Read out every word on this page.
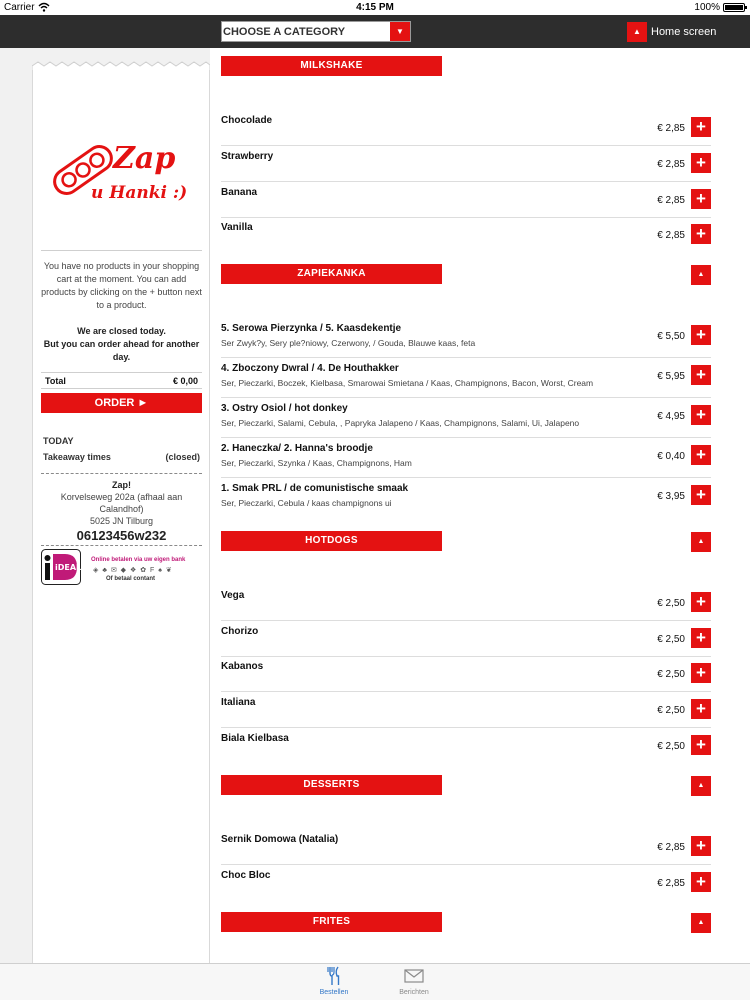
Carrier	4:15 PM	100%
CHOOSE A CATEGORY	▼	▲ Home screen
Zap
u Hanki :)
You have no products in your shopping cart at the moment. You can add products by clicking on the + button next to a product.
We are closed today.
But you can order ahead for another day.
Total	€ 0,00
ORDER ►
TODAY
Takeaway times	(closed)
Zap!
Korvelseweg 202a (afhaal aan Calandhof)
5025 JN Tilburg
06123456w232
iDEAL
Online betalen via uw eigen bank
◈ ♣ ✉ ◆ ❖ ✿ F ♠ ❦
Of betaal contant
MILKSHAKE
Chocolade
€ 2,85 +
Strawberry
€ 2,85 +
Banana
€ 2,85 +
Vanilla
€ 2,85 +
ZAPIEKANKA	▲
5. Serowa Pierzynka / 5. Kaasdekentje
Ser Zwyk?y, Sery ple?niowy, Czerwony, / Gouda, Blauwe kaas, feta
€ 5,50 +
4. Zboczony Dwral / 4. De Houthakker
Ser, Pieczarki, Boczek, Kielbasa, Smarowai Smietana / Kaas, Champignons, Bacon, Worst, Cream
€ 5,95 +
3. Ostry Osiol / hot donkey
Ser, Pieczarki, Salami, Cebula, , Papryka Jalapeno / Kaas, Champignons, Salami, Ui, Jalapeno
€ 4,95 +
2. Haneczka/ 2. Hanna's broodje
Ser, Pieczarki, Szynka / Kaas, Champignons, Ham
€ 0,40 +
1. Smak PRL / de comunistische smaak
Ser, Pieczarki, Cebula / kaas champignons ui
€ 3,95 +
HOTDOGS	▲
Vega
€ 2,50 +
Chorizo
€ 2,50 +
Kabanos
€ 2,50 +
Italiana
€ 2,50 +
Biala Kielbasa
€ 2,50 +
DESSERTS	▲
Sernik Domowa (Natalia)
€ 2,85 +
Choc Bloc
€ 2,85 +
FRITES	▲
Bestellen	Berichten
